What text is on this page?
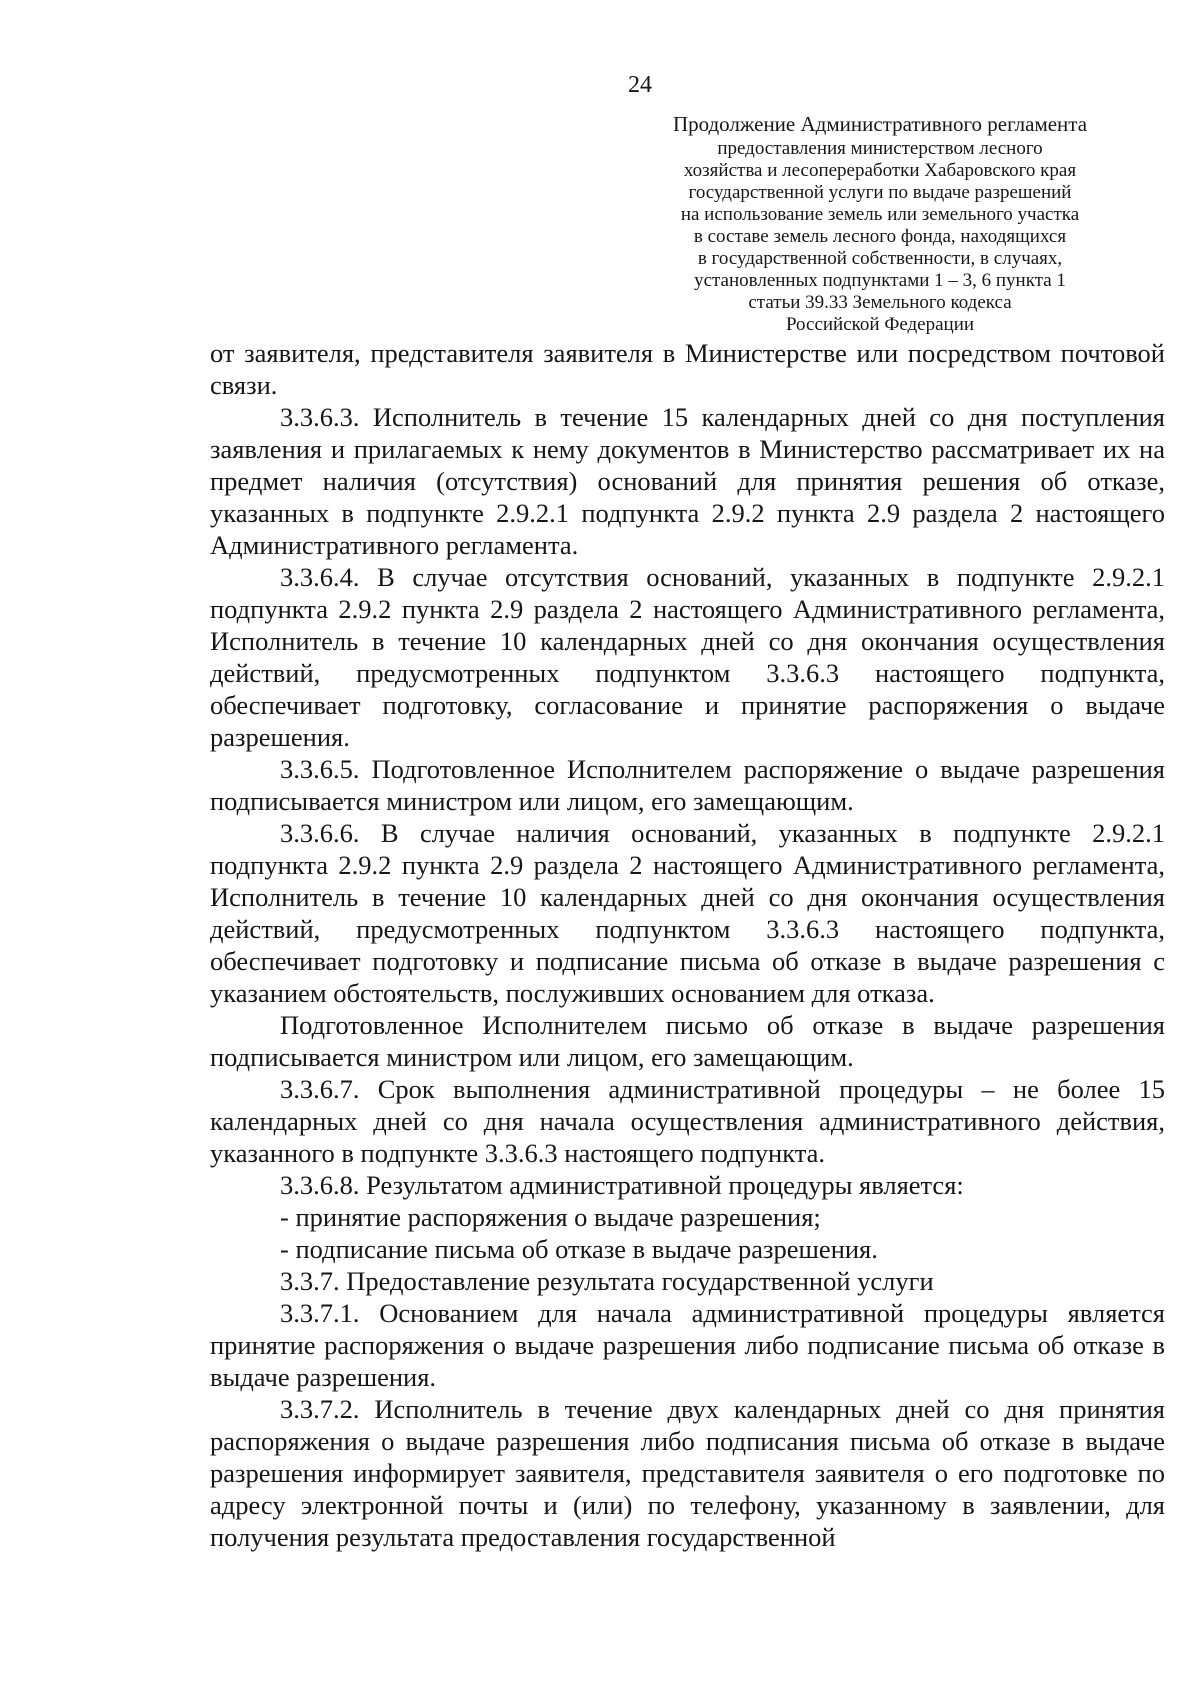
24
Продолжение Административного регламента
предоставления министерством лесного
хозяйства и лесопереработки Хабаровского края
государственной услуги по выдаче разрешений
на использование земель или земельного участка
в составе земель лесного фонда, находящихся
в государственной собственности, в случаях,
установленных подпунктами 1 – 3, 6 пункта 1
статьи 39.33 Земельного кодекса
Российской Федерации

от заявителя, представителя заявителя в Министерстве или посредством почтовой связи.

3.3.6.3. Исполнитель в течение 15 календарных дней со дня поступления заявления и прилагаемых к нему документов в Министерство рассматривает их на предмет наличия (отсутствия) оснований для принятия решения об отказе, указанных в подпункте 2.9.2.1 подпункта 2.9.2 пункта 2.9 раздела 2 настоящего Административного регламента.

3.3.6.4. В случае отсутствия оснований, указанных в подпункте 2.9.2.1 подпункта 2.9.2 пункта 2.9 раздела 2 настоящего Административного регламента, Исполнитель в течение 10 календарных дней со дня окончания осуществления действий, предусмотренных подпунктом 3.3.6.3 настоящего подпункта, обеспечивает подготовку, согласование и принятие распоряжения о выдаче разрешения.

3.3.6.5. Подготовленное Исполнителем распоряжение о выдаче разрешения подписывается министром или лицом, его замещающим.

3.3.6.6. В случае наличия оснований, указанных в подпункте 2.9.2.1 подпункта 2.9.2 пункта 2.9 раздела 2 настоящего Административного регламента, Исполнитель в течение 10 календарных дней со дня окончания осуществления действий, предусмотренных подпунктом 3.3.6.3 настоящего подпункта, обеспечивает подготовку и подписание письма об отказе в выдаче разрешения с указанием обстоятельств, послуживших основанием для отказа.

Подготовленное Исполнителем письмо об отказе в выдаче разрешения подписывается министром или лицом, его замещающим.

3.3.6.7. Срок выполнения административной процедуры – не более 15 календарных дней со дня начала осуществления административного действия, указанного в подпункте 3.3.6.3 настоящего подпункта.

3.3.6.8. Результатом административной процедуры является:

- принятие распоряжения о выдаче разрешения;

- подписание письма об отказе в выдаче разрешения.

3.3.7. Предоставление результата государственной услуги

3.3.7.1. Основанием для начала административной процедуры является принятие распоряжения о выдаче разрешения либо подписание письма об отказе в выдаче разрешения.

3.3.7.2. Исполнитель в течение двух календарных дней со дня принятия распоряжения о выдаче разрешения либо подписания письма об отказе в выдаче разрешения информирует заявителя, представителя заявителя о его подготовке по адресу электронной почты и (или) по телефону, указанному в заявлении, для получения результата предоставления государственной
